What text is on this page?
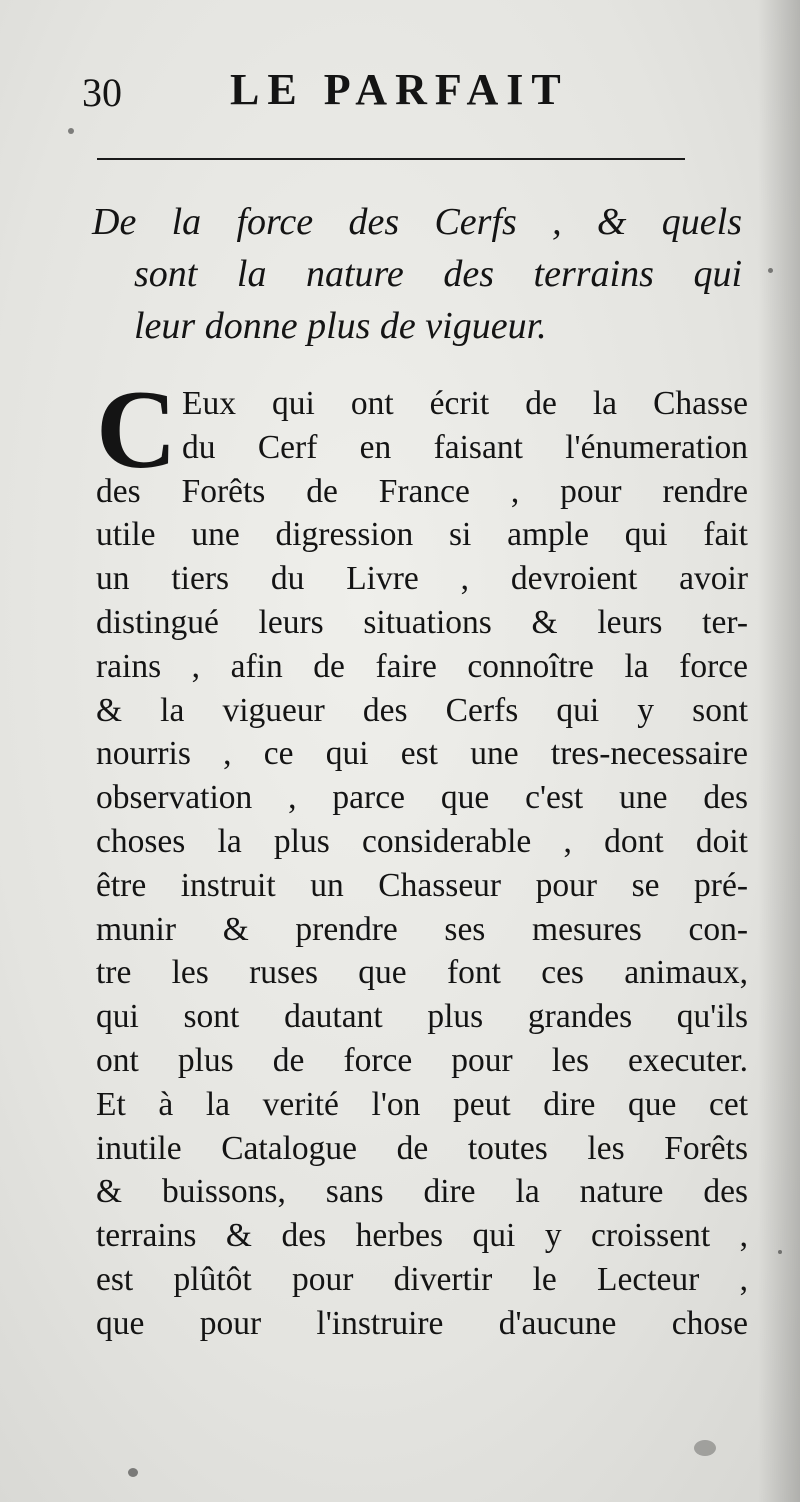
30 LE PARFAIT
De la force des Cerfs , & quels
sont la nature des terrains qui
leur donne plus de vigueur.
C Eux qui ont écrit de la Chasse
du Cerf en faisant l'énumeration
des Forêts de France , pour rendre
utile une digression si ample qui fait
un tiers du Livre , devroient avoir
distingué leurs situations & leurs ter-
rains , afin de faire connoître la force
& la vigueur des Cerfs qui y sont
nourris , ce qui est une tres-necessaire
observation , parce que c'est une des
choses la plus considerable , dont doit
être instruit un Chasseur pour se pré-
munir & prendre ses mesures con-
tre les ruses que font ces animaux,
qui sont dautant plus grandes qu'ils
ont plus de force pour les executer.
Et à la verité l'on peut dire que cet
inutile Catalogue de toutes les Forêts
& buissons, sans dire la nature des
terrains & des herbes qui y croissent ,
est plûtôt pour divertir le Lecteur ,
que pour l'instruire d'aucune chose
